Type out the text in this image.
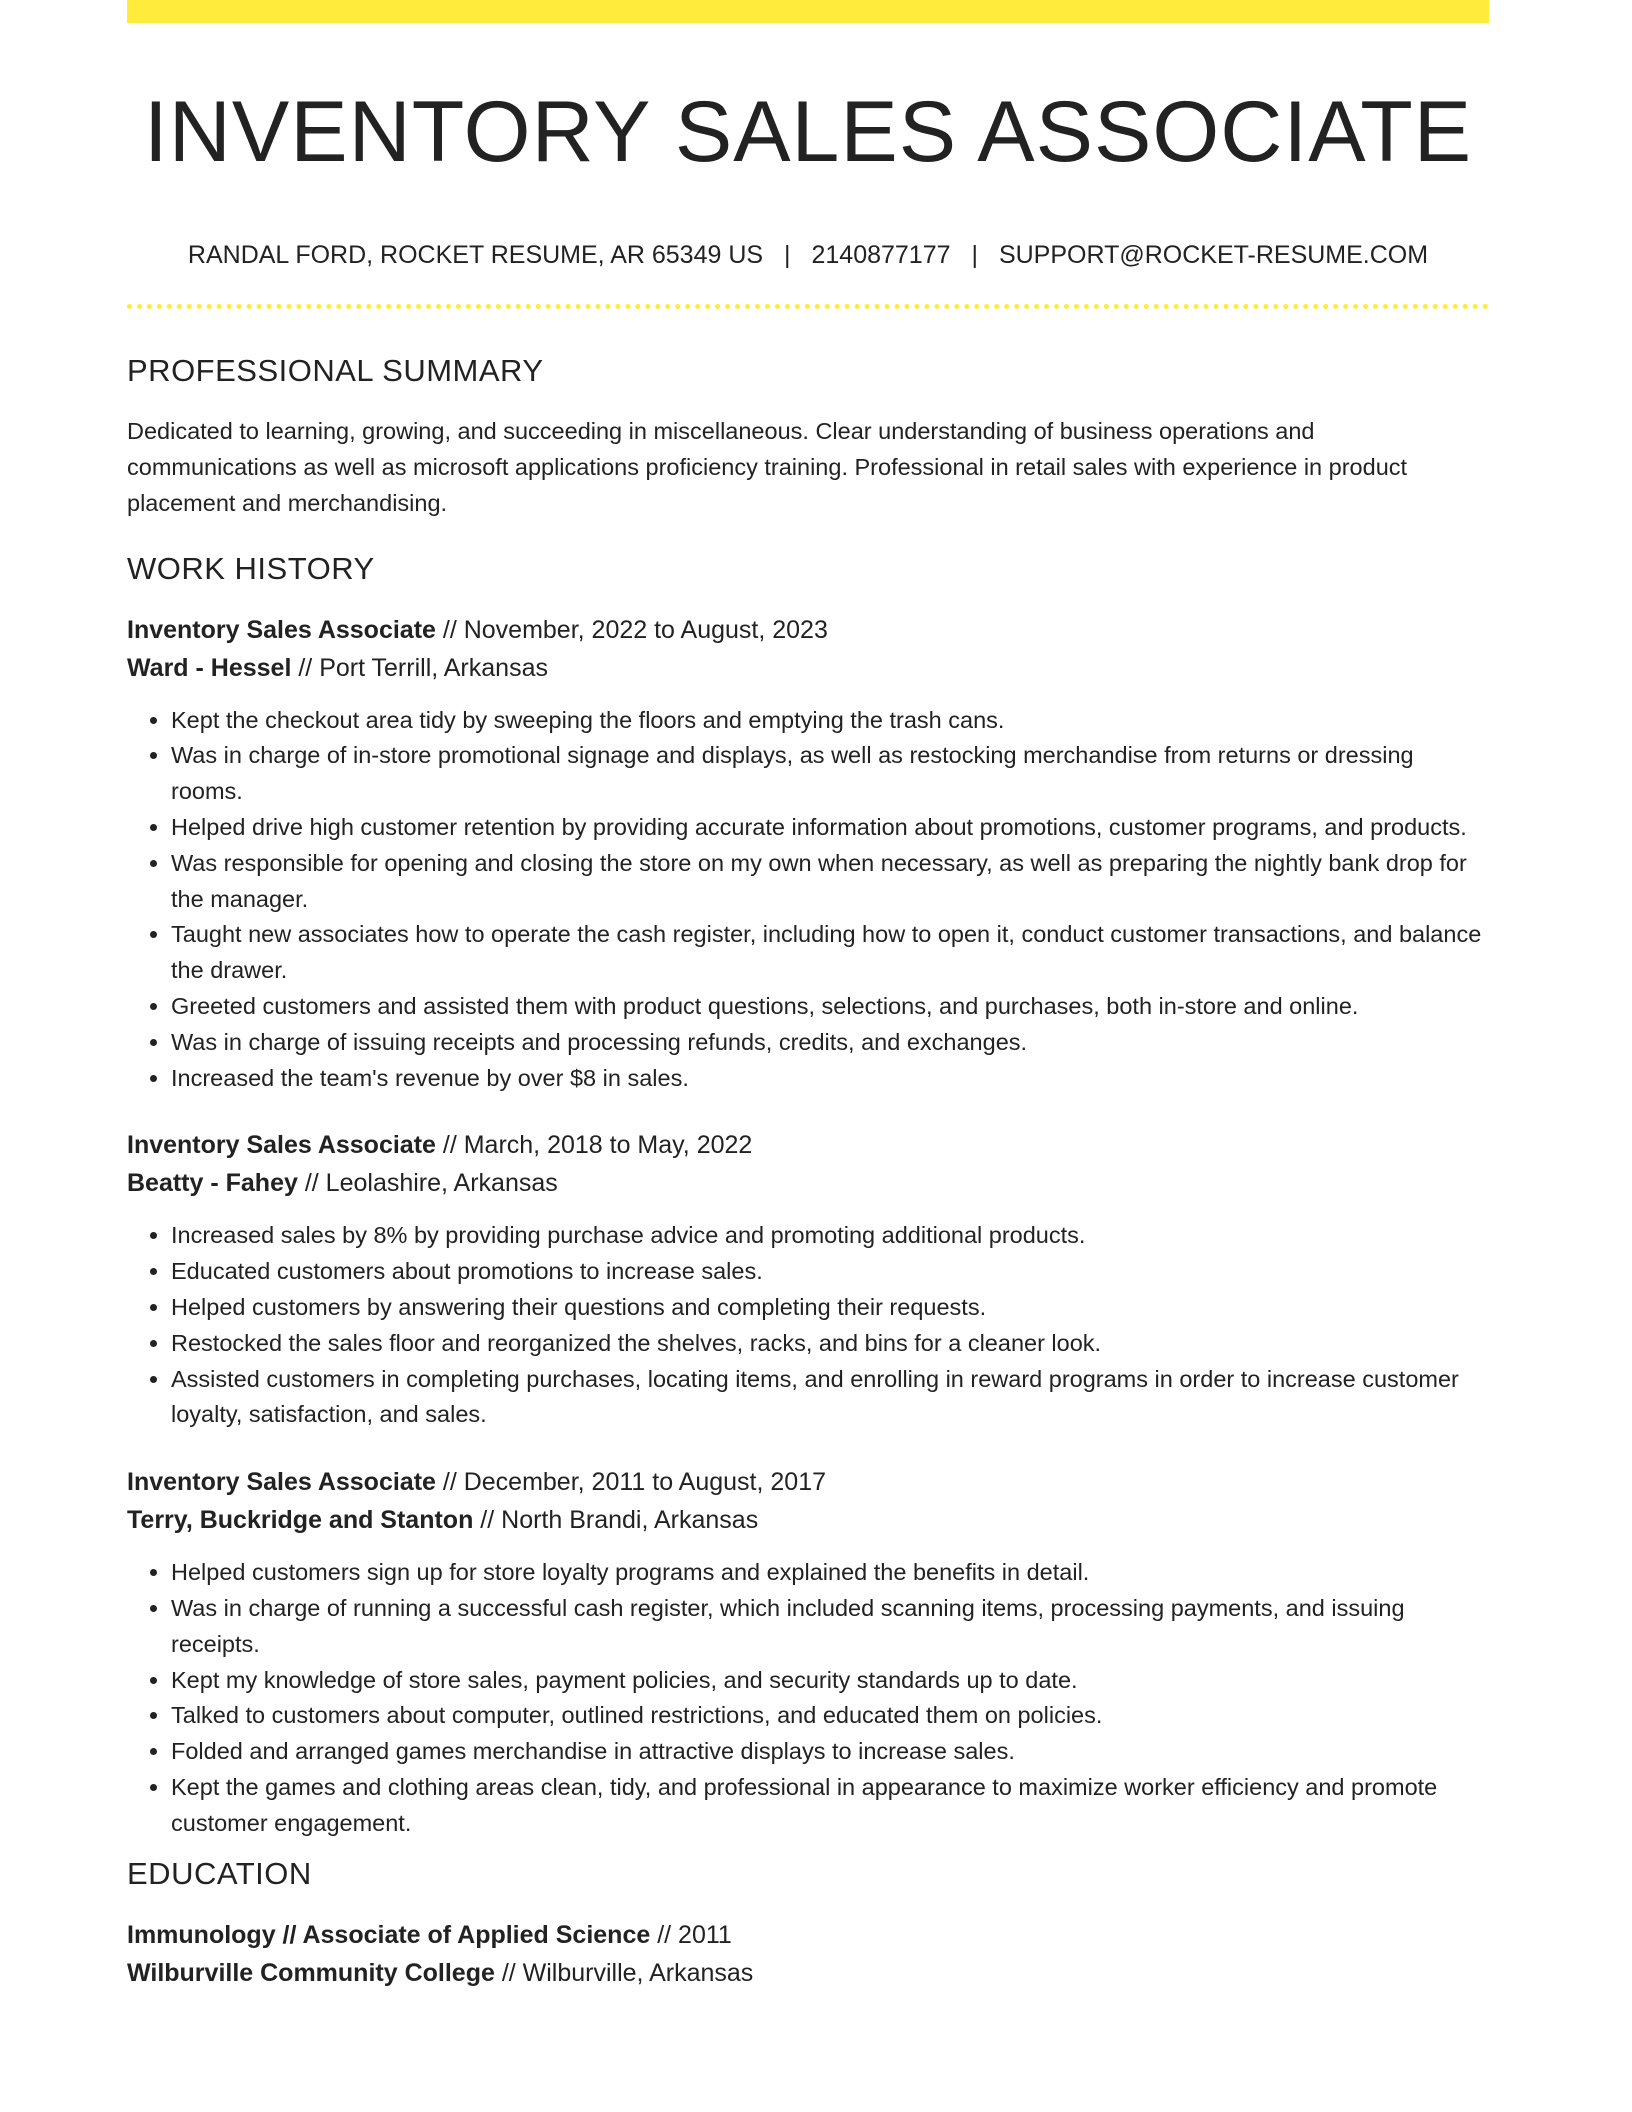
INVENTORY SALES ASSOCIATE
RANDAL FORD, ROCKET RESUME, AR 65349 US | 2140877177 | SUPPORT@ROCKET-RESUME.COM
PROFESSIONAL SUMMARY

Dedicated to learning, growing, and succeeding in miscellaneous. Clear understanding of business operations and communications as well as microsoft applications proficiency training. Professional in retail sales with experience in product placement and merchandising.

WORK HISTORY
Inventory Sales Associate // November, 2022 to August, 2023
Ward - Hessel // Port Terrill, Arkansas
• Kept the checkout area tidy by sweeping the floors and emptying the trash cans.
• Was in charge of in-store promotional signage and displays, as well as restocking merchandise from returns or dressing rooms.
• Helped drive high customer retention by providing accurate information about promotions, customer programs, and products.
• Was responsible for opening and closing the store on my own when necessary, as well as preparing the nightly bank drop for the manager.
• Taught new associates how to operate the cash register, including how to open it, conduct customer transactions, and balance the drawer.
• Greeted customers and assisted them with product questions, selections, and purchases, both in-store and online.
• Was in charge of issuing receipts and processing refunds, credits, and exchanges.
• Increased the team's revenue by over $8 in sales.
Inventory Sales Associate // March, 2018 to May, 2022
Beatty - Fahey // Leolashire, Arkansas
• Increased sales by 8% by providing purchase advice and promoting additional products.
• Educated customers about promotions to increase sales.
• Helped customers by answering their questions and completing their requests.
• Restocked the sales floor and reorganized the shelves, racks, and bins for a cleaner look.
• Assisted customers in completing purchases, locating items, and enrolling in reward programs in order to increase customer loyalty, satisfaction, and sales.
Inventory Sales Associate // December, 2011 to August, 2017
Terry, Buckridge and Stanton // North Brandi, Arkansas
• Helped customers sign up for store loyalty programs and explained the benefits in detail.
• Was in charge of running a successful cash register, which included scanning items, processing payments, and issuing receipts.
• Kept my knowledge of store sales, payment policies, and security standards up to date.
• Talked to customers about computer, outlined restrictions, and educated them on policies.
• Folded and arranged games merchandise in attractive displays to increase sales.
• Kept the games and clothing areas clean, tidy, and professional in appearance to maximize worker efficiency and promote customer engagement.
EDUCATION
Immunology // Associate of Applied Science // 2011
Wilburville Community College // Wilburville, Arkansas
